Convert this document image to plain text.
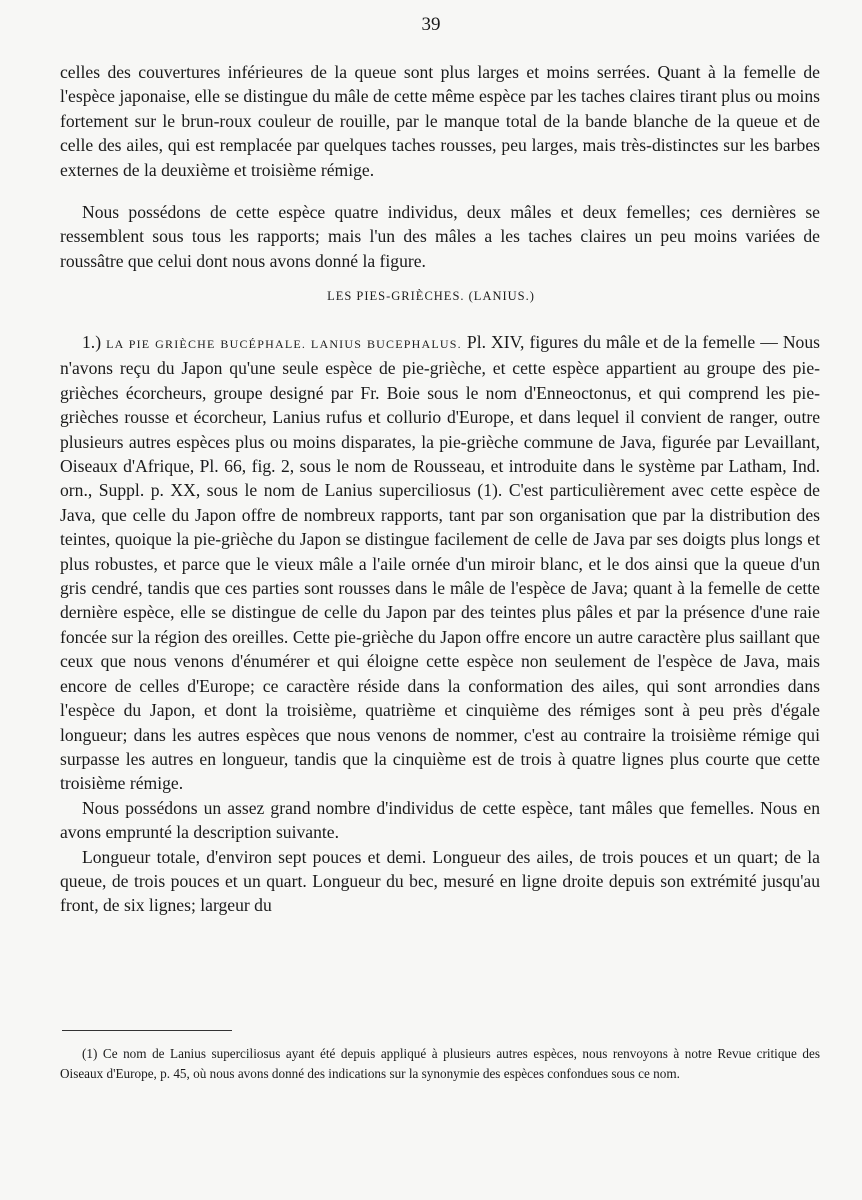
39

celles des couvertures inférieures de la queue sont plus larges et moins serrées. Quant à la femelle de l'espèce japonaise, elle se distingue du mâle de cette même espèce par les taches claires tirant plus ou moins fortement sur le brun-roux couleur de rouille, par le manque total de la bande blanche de la queue et de celle des ailes, qui est remplacée par quelques taches rousses, peu larges, mais très-distinctes sur les barbes externes de la deuxième et troisième rémige.

Nous possédons de cette espèce quatre individus, deux mâles et deux femelles; ces dernières se ressemblent sous tous les rapports; mais l'un des mâles a les taches claires un peu moins variées de roussâtre que celui dont nous avons donné la figure.

LES PIES-GRIÈCHES. (LANIUS.)

1.) LA PIE GRIÈCHE BUCÉPHALE. LANIUS BUCEPHALUS. Pl. XIV, figures du mâle et de la femelle — Nous n'avons reçu du Japon qu'une seule espèce de pie-grièche, et cette espèce appartient au groupe des pie-grièches écorcheurs, groupe designé par Fr. Boie sous le nom d'Enneoctonus, et qui comprend les pie-grièches rousse et écorcheur, Lanius rufus et collurio d'Europe, et dans lequel il convient de ranger, outre plusieurs autres espèces plus ou moins disparates, la pie-grièche commune de Java, figurée par Levaillant, Oiseaux d'Afrique, Pl. 66, fig. 2, sous le nom de Rousseau, et introduite dans le système par Latham, Ind. orn., Suppl. p. XX, sous le nom de Lanius superciliosus (1). C'est particulièrement avec cette espèce de Java, que celle du Japon offre de nombreux rapports, tant par son organisation que par la distribution des teintes, quoique la pie-grièche du Japon se distingue facilement de celle de Java par ses doigts plus longs et plus robustes, et parce que le vieux mâle a l'aile ornée d'un miroir blanc, et le dos ainsi que la queue d'un gris cendré, tandis que ces parties sont rousses dans le mâle de l'espèce de Java; quant à la femelle de cette dernière espèce, elle se distingue de celle du Japon par des teintes plus pâles et par la présence d'une raie foncée sur la région des oreilles. Cette pie-grièche du Japon offre encore un autre caractère plus saillant que ceux que nous venons d'énumérer et qui éloigne cette espèce non seulement de l'espèce de Java, mais encore de celles d'Europe; ce caractère réside dans la conformation des ailes, qui sont arrondies dans l'espèce du Japon, et dont la troisième, quatrième et cinquième des rémiges sont à peu près d'égale longueur; dans les autres espèces que nous venons de nommer, c'est au contraire la troisième rémige qui surpasse les autres en longueur, tandis que la cinquième est de trois à quatre lignes plus courte que cette troisième rémige.

Nous possédons un assez grand nombre d'individus de cette espèce, tant mâles que femelles. Nous en avons emprunté la description suivante.

Longueur totale, d'environ sept pouces et demi. Longueur des ailes, de trois pouces et un quart; de la queue, de trois pouces et un quart. Longueur du bec, mesuré en ligne droite depuis son extrémité jusqu'au front, de six lignes; largeur du

(1) Ce nom de Lanius superciliosus ayant été depuis appliqué à plusieurs autres espèces, nous renvoyons à notre Revue critique des Oiseaux d'Europe, p. 45, où nous avons donné des indications sur la synonymie des espèces confondues sous ce nom.
